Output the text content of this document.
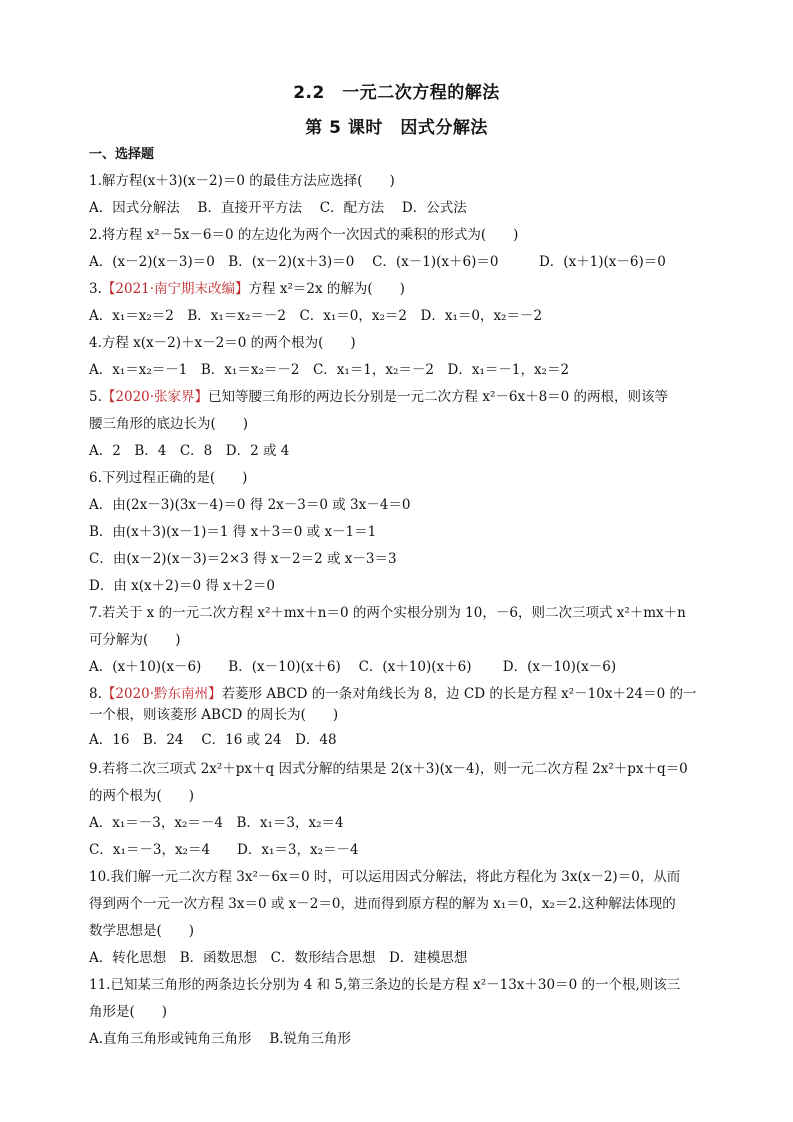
2.2　一元二次方程的解法
第 5 课时　因式分解法
一、选择题
1.解方程(x＋3)(x－2)＝0 的最佳方法应选择(　　)
A．因式分解法　 B．直接开平方法　 C．配方法　 D．公式法
2.将方程 x²－5x－6＝0 的左边化为两个一次因式的乘积的形式为(　　)
A．(x－2)(x－3)＝0　B．(x－2)(x＋3)＝0　 C．(x－1)(x＋6)＝0　　　D．(x＋1)(x－6)＝0
3.【2021·南宁期末改编】方程 x²＝2x 的解为(　　)
A．x₁＝x₂＝2　B．x₁＝x₂＝－2　C．x₁＝0，x₂＝2　D．x₁＝0，x₂＝－2
4.方程 x(x－2)＋x－2＝0 的两个根为(　　)
A．x₁＝x₂＝－1　B．x₁＝x₂＝－2　C．x₁＝1，x₂＝－2　D．x₁＝－1，x₂＝2
5.【2020·张家界】已知等腰三角形的两边长分别是一元二次方程 x²－6x＋8＝0 的两根，则该等
腰三角形的底边长为(　　)
A．2　B．4　C．8　D．2 或 4
6.下列过程正确的是(　　)
A．由(2x－3)(3x－4)＝0 得 2x－3＝0 或 3x－4＝0
B．由(x＋3)(x－1)＝1 得 x＋3＝0 或 x－1＝1
C．由(x－2)(x－3)＝2×3 得 x－2＝2 或 x－3＝3
D．由 x(x＋2)＝0 得 x＋2＝0
7.若关于 x 的一元二次方程 x²＋mx＋n＝0 的两个实根分别为 10，－6，则二次三项式 x²＋mx＋n
可分解为(　　)
A．(x＋10)(x－6)　　B．(x－10)(x＋6)　 C．(x＋10)(x＋6)　　 D．(x－10)(x－6)
8.【2020·黔东南州】若菱形 ABCD 的一条对角线长为 8，边 CD 的长是方程 x²－10x＋24＝0 的一
一个根，则该菱形 ABCD 的周长为(　　)
A．16　B．24　 C．16 或 24　D．48
9.若将二次三项式 2x²＋px＋q 因式分解的结果是 2(x＋3)(x－4)，则一元二次方程 2x²＋px＋q＝0
的两个根为(　　)
A．x₁＝－3，x₂＝－4　B．x₁＝3，x₂＝4
C．x₁＝－3，x₂＝4　　D．x₁＝3，x₂＝－4
10.我们解一元二次方程 3x²－6x＝0 时，可以运用因式分解法，将此方程化为 3x(x－2)＝0，从而
得到两个一元一次方程 3x＝0 或 x－2＝0，进而得到原方程的解为 x₁＝0，x₂＝2.这种解法体现的
数学思想是(　　)
A．转化思想　B．函数思想　C．数形结合思想　D．建模思想
11.已知某三角形的两条边长分别为 4 和 5,第三条边的长是方程 x²－13x＋30＝0 的一个根,则该三
角形是(　　)
A.直角三角形或钝角三角形　 B.锐角三角形
